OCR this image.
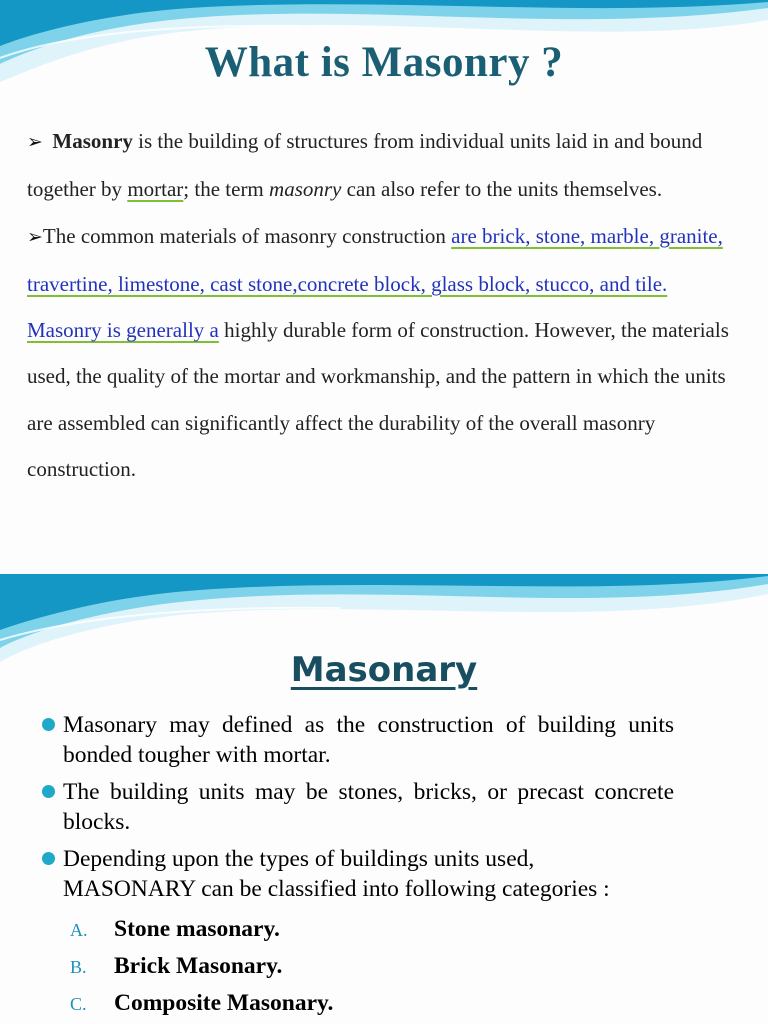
What is Masonry ?
➢  Masonry is the building of structures from individual units laid in and bound together by mortar; the term masonry can also refer to the units themselves.
➢The common materials of masonry construction are brick, stone, marble, granite, travertine, limestone, cast stone,concrete block, glass block, stucco, and tile. Masonry is generally a highly durable form of construction. However, the materials used, the quality of the mortar and workmanship, and the pattern in which the units are assembled can significantly affect the durability of the overall masonry construction.
Masonary
Masonary may defined as the construction of building units bonded tougher with mortar.
The building units may be stones, bricks, or precast concrete blocks.
Depending upon the types of buildings units used,
MASONARY can be classified into following categories :
A. Stone masonary.
B. Brick Masonary.
C. Composite Masonary.
